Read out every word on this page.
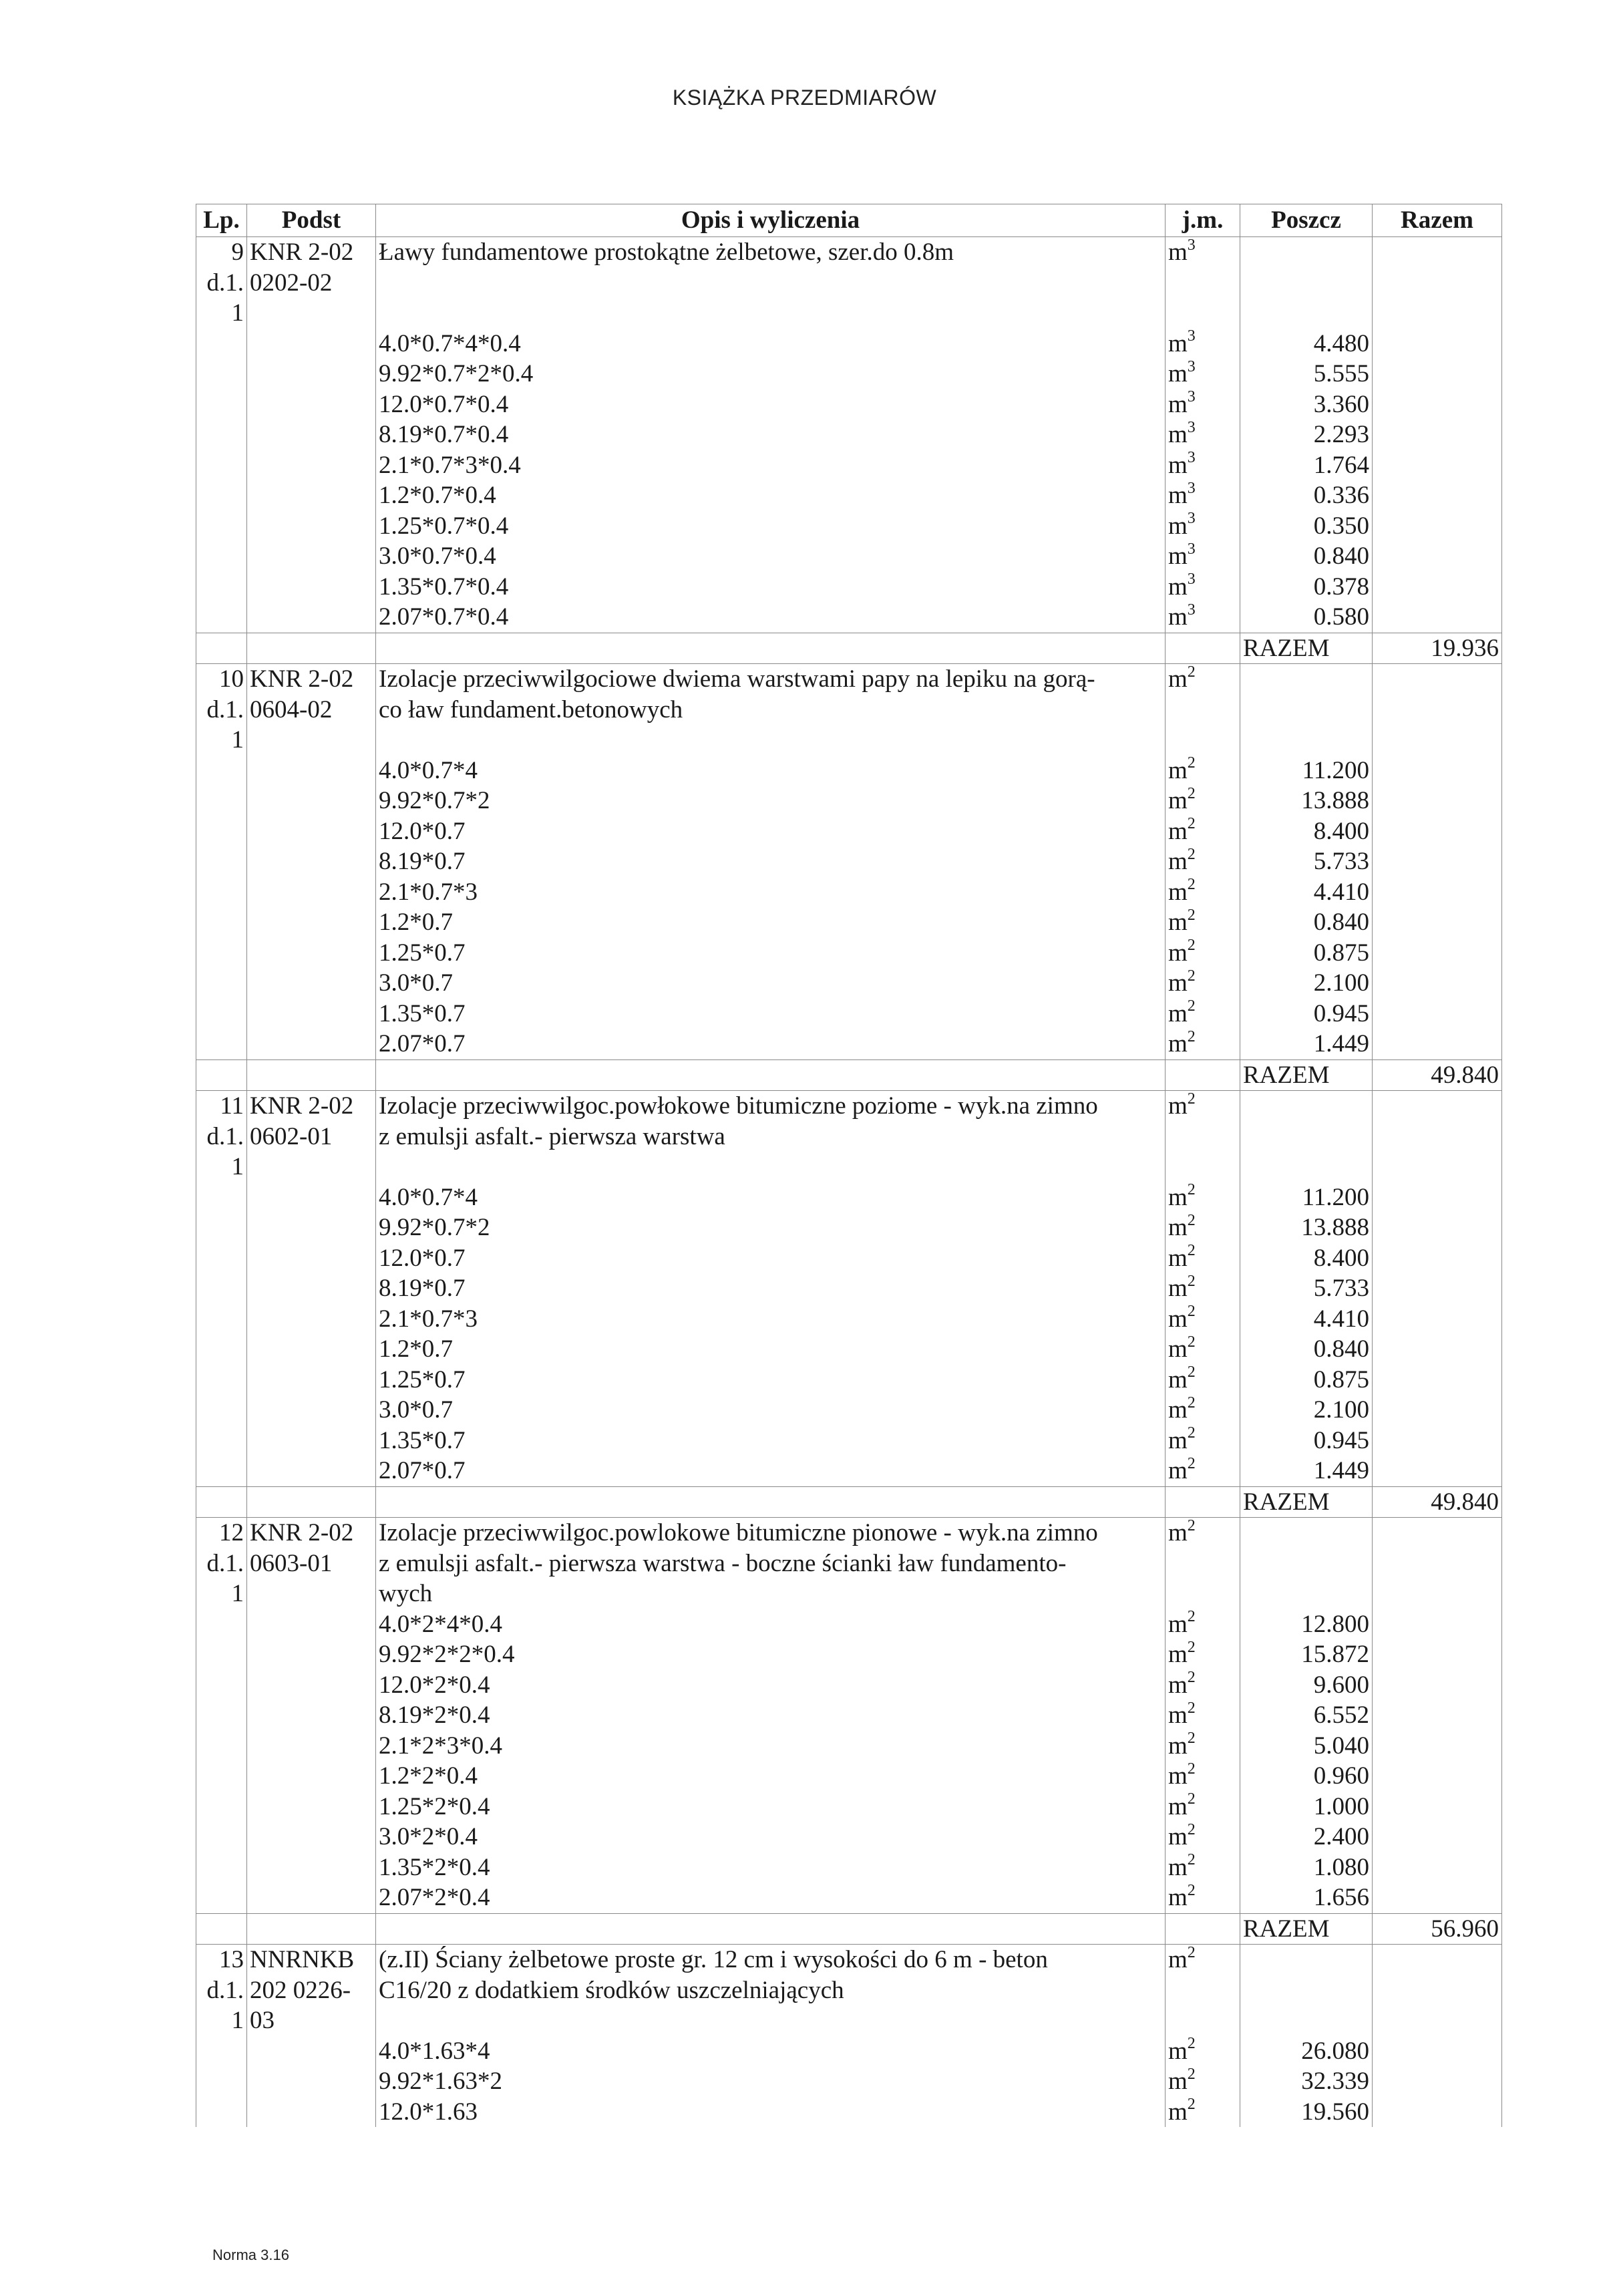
KSIĄŻKA PRZEDMIARÓW
Lp.	Podst	Opis i wyliczenia	j.m.	Poszcz	Razem
9	KNR 2-02	Ławy fundamentowe prostokątne żelbetowe, szer.do 0.8m	$m^3$		
d.1.	0202-02				
1					
		4.0*0.7*4*0.4	$m^3$	4.480	
		9.92*0.7*2*0.4	$m^3$	5.555	
		12.0*0.7*0.4	$m^3$	3.360	
		8.19*0.7*0.4	$m^3$	2.293	
		2.1*0.7*3*0.4	$m^3$	1.764	
		1.2*0.7*0.4	$m^3$	0.336	
		1.25*0.7*0.4	$m^3$	0.350	
		3.0*0.7*0.4	$m^3$	0.840	
		1.35*0.7*0.4	$m^3$	0.378	
		2.07*0.7*0.4	$m^3$	0.580	
				RAZEM	19.936
10	KNR 2-02	Izolacje przeciwwilgociowe dwiema warstwami papy na lepiku na gorą-	$m^2$		
d.1.	0604-02	co ław fundament.betonowych			
1					
		4.0*0.7*4	$m^2$	11.200	
		9.92*0.7*2	$m^2$	13.888	
		12.0*0.7	$m^2$	8.400	
		8.19*0.7	$m^2$	5.733	
		2.1*0.7*3	$m^2$	4.410	
		1.2*0.7	$m^2$	0.840	
		1.25*0.7	$m^2$	0.875	
		3.0*0.7	$m^2$	2.100	
		1.35*0.7	$m^2$	0.945	
		2.07*0.7	$m^2$	1.449	
				RAZEM	49.840
11	KNR 2-02	Izolacje przeciwwilgoc.powłokowe bitumiczne poziome - wyk.na zimno	$m^2$		
d.1.	0602-01	z emulsji asfalt.- pierwsza warstwa			
1					
		4.0*0.7*4	$m^2$	11.200	
		9.92*0.7*2	$m^2$	13.888	
		12.0*0.7	$m^2$	8.400	
		8.19*0.7	$m^2$	5.733	
		2.1*0.7*3	$m^2$	4.410	
		1.2*0.7	$m^2$	0.840	
		1.25*0.7	$m^2$	0.875	
		3.0*0.7	$m^2$	2.100	
		1.35*0.7	$m^2$	0.945	
		2.07*0.7	$m^2$	1.449	
				RAZEM	49.840
12	KNR 2-02	Izolacje przeciwwilgoc.powlokowe bitumiczne pionowe - wyk.na zimno	$m^2$		
d.1.	0603-01	z emulsji asfalt.- pierwsza warstwa - boczne ścianki ław fundamento-			
1		wych			
		4.0*2*4*0.4	$m^2$	12.800	
		9.92*2*2*0.4	$m^2$	15.872	
		12.0*2*0.4	$m^2$	9.600	
		8.19*2*0.4	$m^2$	6.552	
		2.1*2*3*0.4	$m^2$	5.040	
		1.2*2*0.4	$m^2$	0.960	
		1.25*2*0.4	$m^2$	1.000	
		3.0*2*0.4	$m^2$	2.400	
		1.35*2*0.4	$m^2$	1.080	
		2.07*2*0.4	$m^2$	1.656	
				RAZEM	56.960
13	NNRNKB	(z.II) Ściany żelbetowe proste gr. 12 cm i wysokości do 6 m - beton	$m^2$		
d.1.	202 0226-	C16/20 z dodatkiem środków uszczelniających			
1	03				
		4.0*1.63*4	$m^2$	26.080	
		9.92*1.63*2	$m^2$	32.339	
		12.0*1.63	$m^2$	19.560	
Norma 3.16
